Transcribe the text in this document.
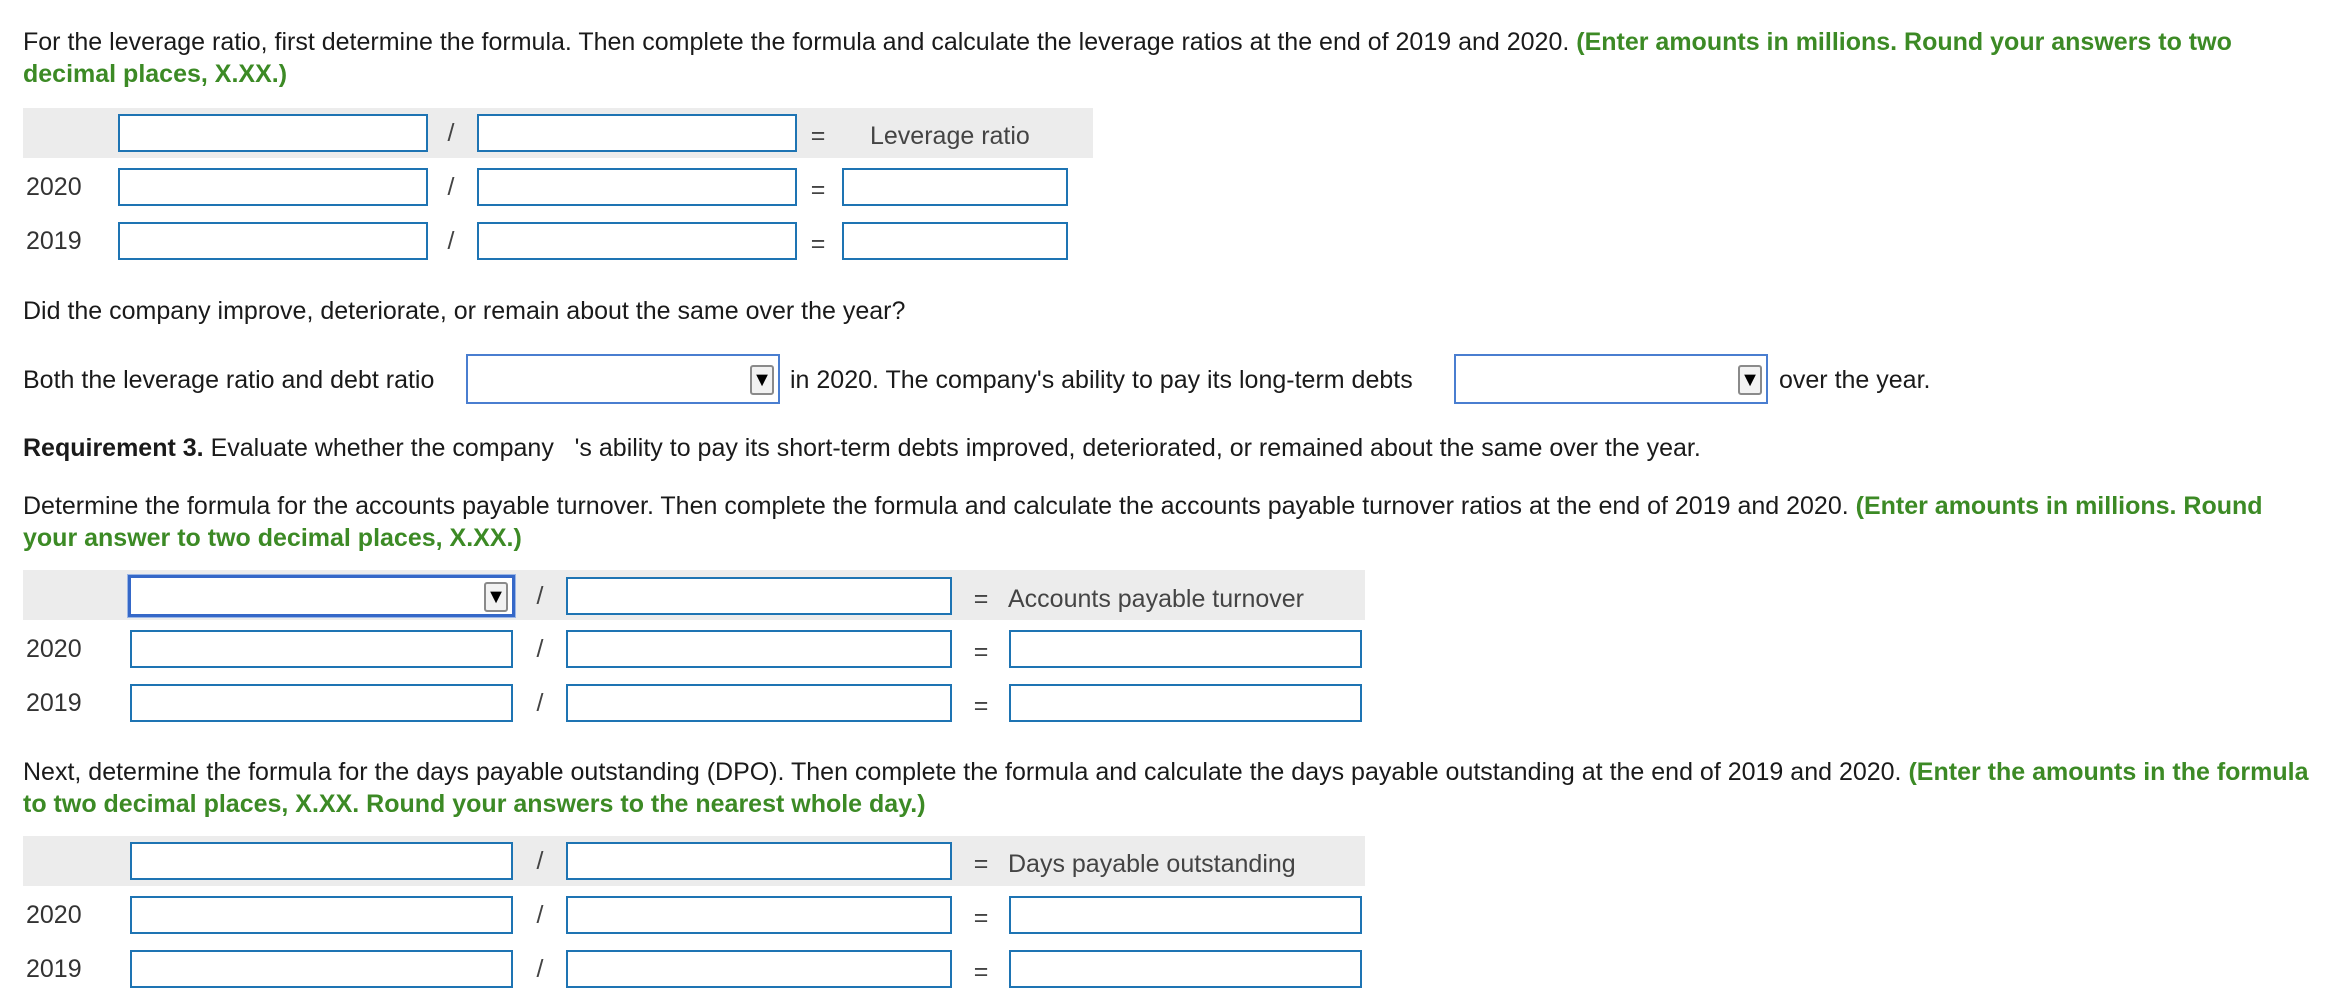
For the leverage ratio, first determine the formula. Then complete the formula and calculate the leverage ratios at the end of 2019 and 2020. (Enter amounts in millions. Round your answers to two decimal places, X.XX.)

/	= Leverage ratio
2020	/	=
2019	/	=

Did the company improve, deteriorate, or remain about the same over the year?

Both the leverage ratio and debt ratio	▼ in 2020. The company's ability to pay its long-term debts	▼ over the year.

Requirement 3. Evaluate whether the company   's ability to pay its short-term debts improved, deteriorated, or remained about the same over the year.

Determine the formula for the accounts payable turnover. Then complete the formula and calculate the accounts payable turnover ratios at the end of 2019 and 2020. (Enter amounts in millions. Round your answer to two decimal places, X.XX.)

▼ /	= Accounts payable turnover
2020	/	=
2019	/	=

Next, determine the formula for the days payable outstanding (DPO). Then complete the formula and calculate the days payable outstanding at the end of 2019 and 2020. (Enter the amounts in the formula to two decimal places, X.XX. Round your answers to the nearest whole day.)

/	= Days payable outstanding
2020	/	=
2019	/	=
